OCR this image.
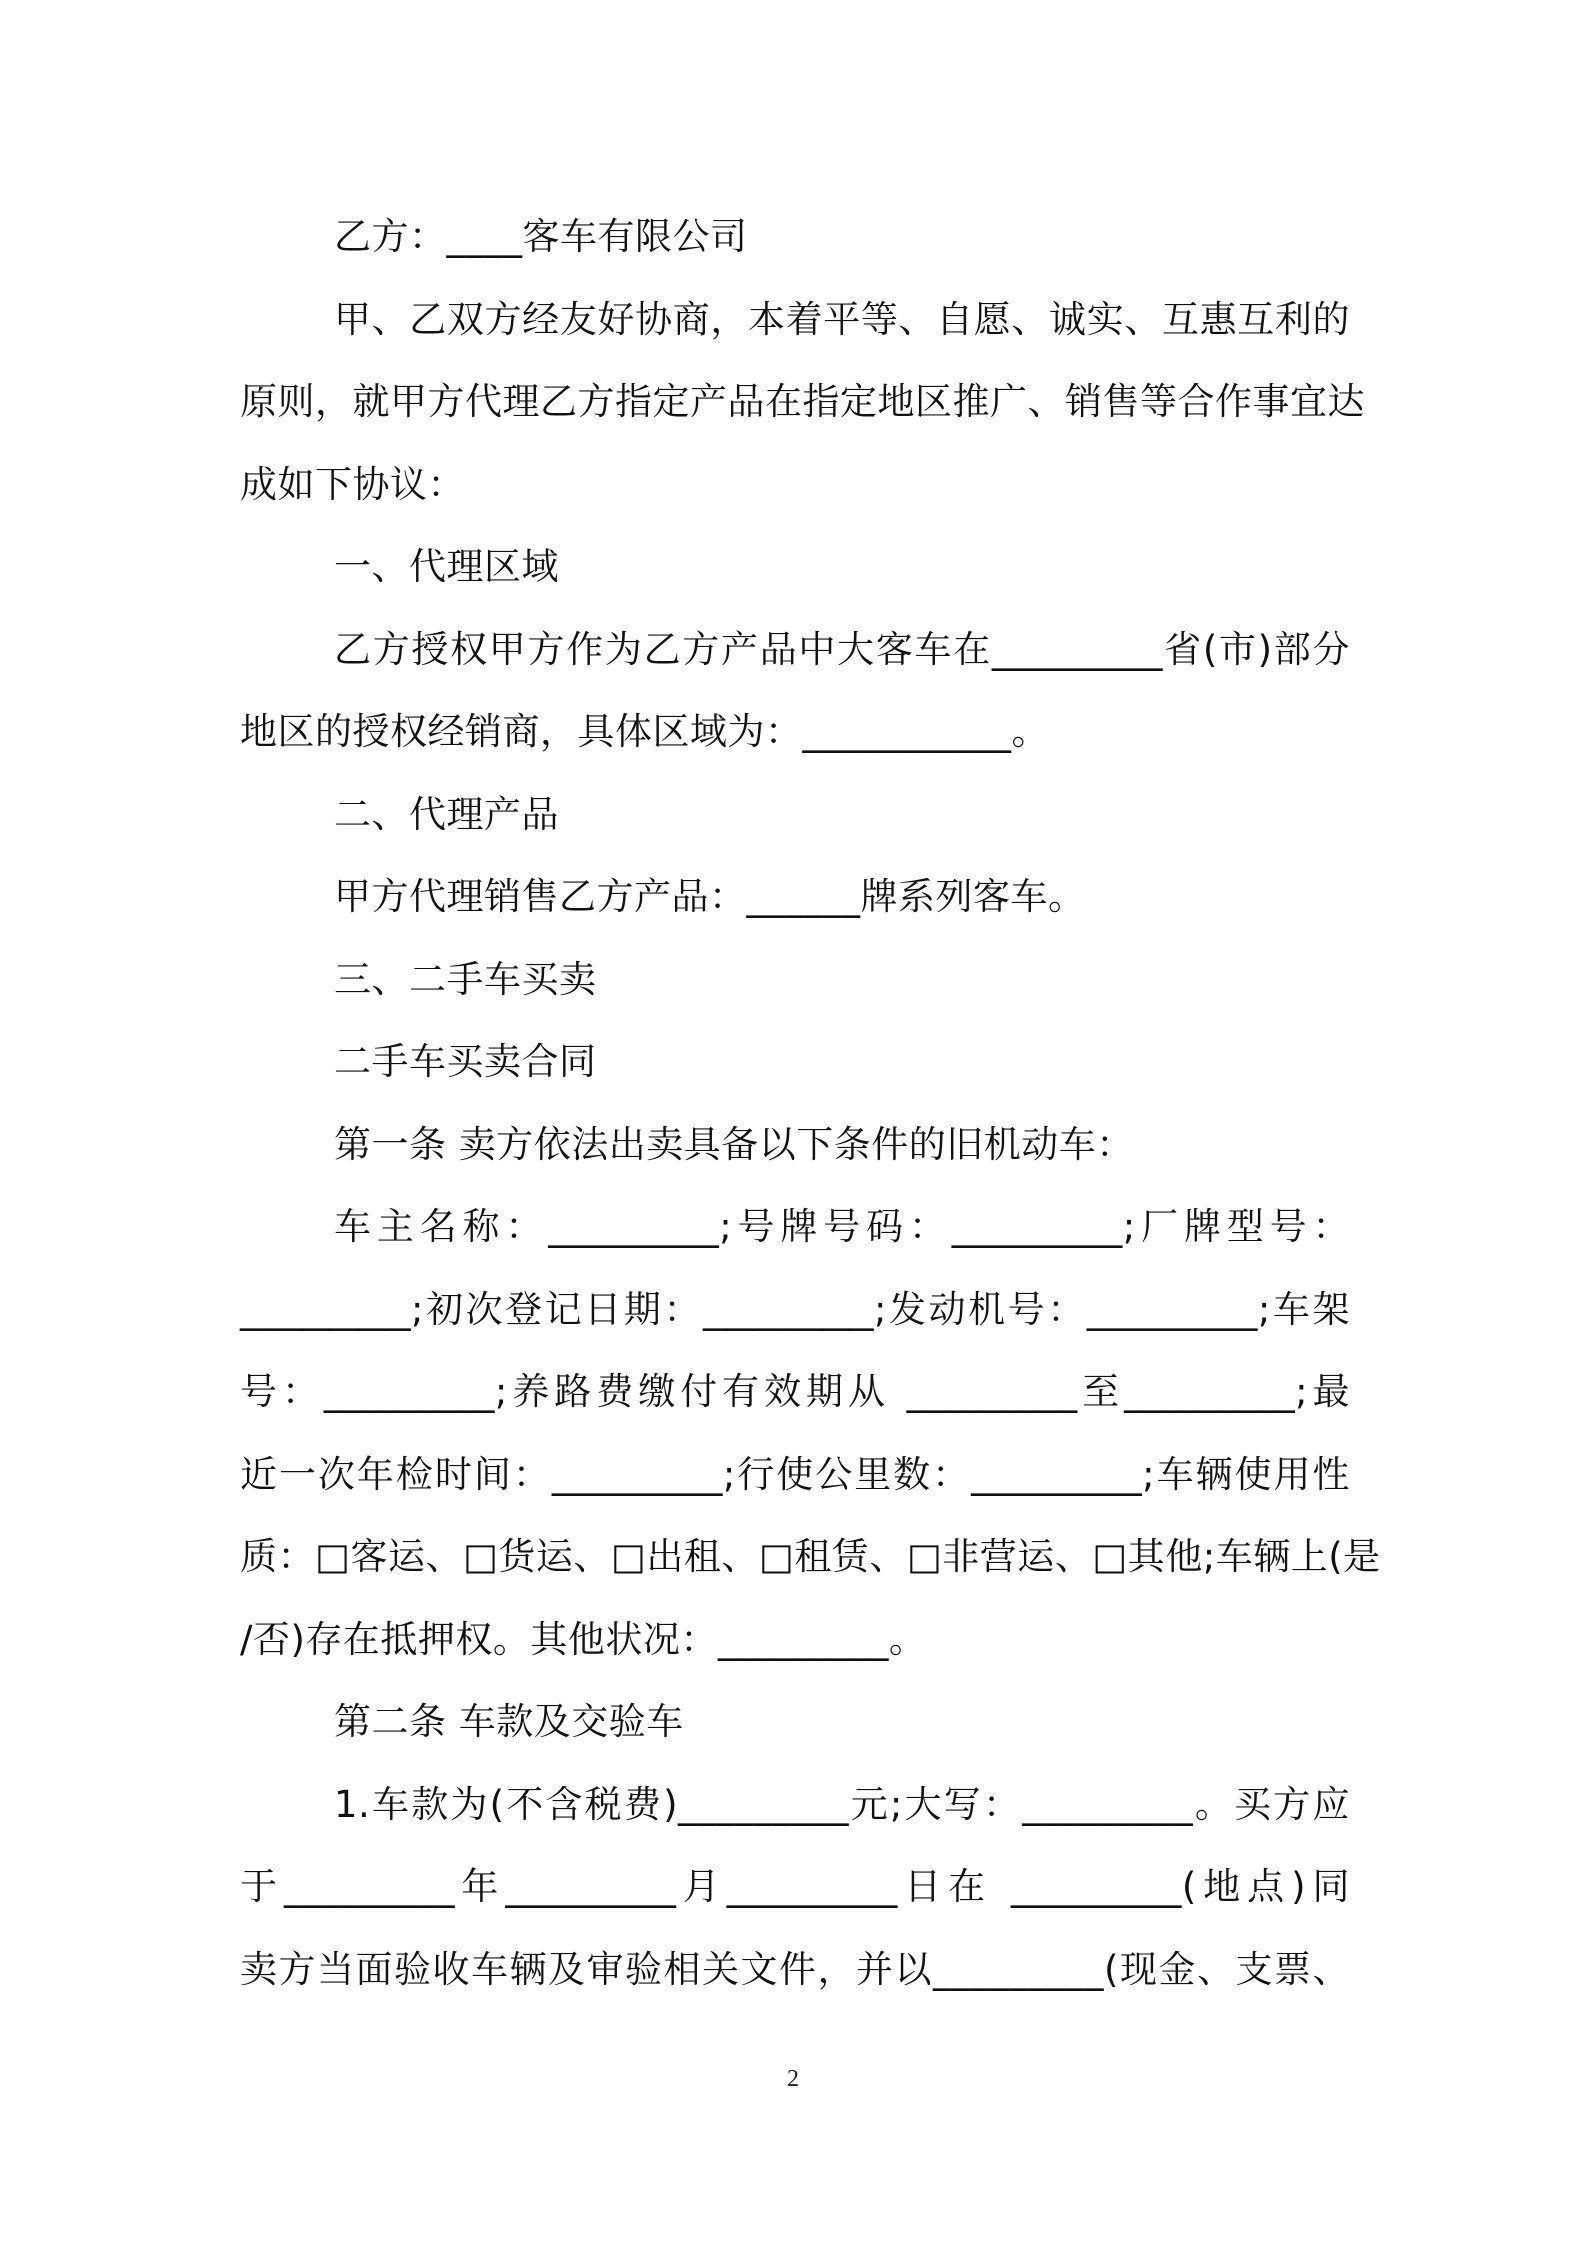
乙方：____客车有限公司
甲、乙双方经友好协商，本着平等、自愿、诚实、互惠互利的
原则，就甲方代理乙方指定产品在指定地区推广、销售等合作事宜达
成如下协议：
一、代理区域
乙方授权甲方作为乙方产品中大客车在_________省(市)部分
地区的授权经销商，具体区域为：___________。
二、代理产品
甲方代理销售乙方产品：______牌系列客车。
三、二手车买卖
二手车买卖合同
第一条 卖方依法出卖具备以下条件的旧机动车：
车主名称：_________;号牌号码：_________;厂牌型号：
_________;初次登记日期：_________;发动机号：_________;车架
号：_________;养路费缴付有效期从 _________至_________;最
近一次年检时间：_________;行使公里数：_________;车辆使用性
质：□客运、□货运、□出租、□租赁、□非营运、□其他;车辆上(是
/否)存在抵押权。其他状况：_________。
第二条 车款及交验车
1.车款为(不含税费)_________元;大写：_________。买方应
于_________年_________月_________日在 _________(地点)同
卖方当面验收车辆及审验相关文件，并以_________(现金、支票、
2
